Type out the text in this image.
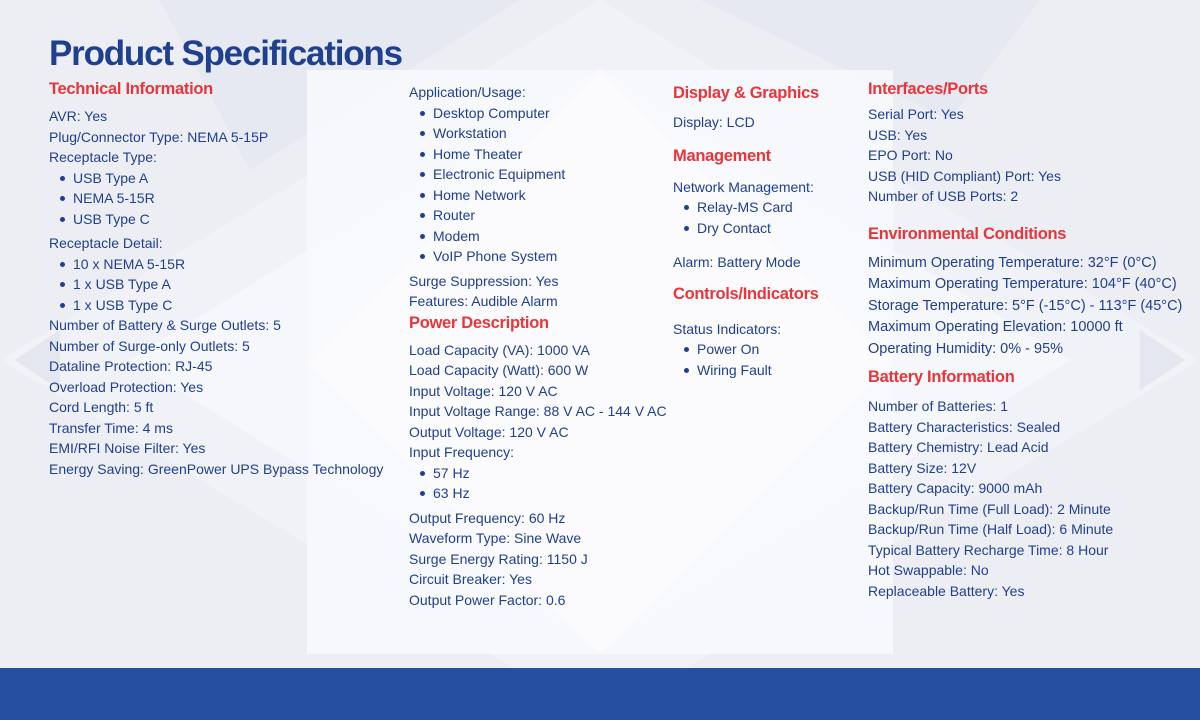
Product Specifications
Technical Information
AVR: Yes
Plug/Connector Type: NEMA 5-15P
Receptacle Type:
USB Type A
NEMA 5-15R
USB Type C
Receptacle Detail:
10 x NEMA 5-15R
1 x USB Type A
1 x USB Type C
Number of Battery & Surge Outlets: 5
Number of Surge-only Outlets: 5
Dataline Protection: RJ-45
Overload Protection: Yes
Cord Length: 5 ft
Transfer Time: 4 ms
EMI/RFI Noise Filter: Yes
Energy Saving: GreenPower UPS Bypass Technology
Application/Usage:
Desktop Computer
Workstation
Home Theater
Electronic Equipment
Home Network
Router
Modem
VoIP Phone System
Surge Suppression: Yes
Features: Audible Alarm
Power Description
Load Capacity (VA): 1000 VA
Load Capacity (Watt): 600 W
Input Voltage: 120 V AC
Input Voltage Range: 88 V AC - 144 V AC
Output Voltage: 120 V AC
Input Frequency:
57 Hz
63 Hz
Output Frequency: 60 Hz
Waveform Type: Sine Wave
Surge Energy Rating: 1150 J
Circuit Breaker: Yes
Output Power Factor: 0.6
Display & Graphics
Display: LCD
Management
Network Management:
Relay-MS Card
Dry Contact
Alarm: Battery Mode
Controls/Indicators
Status Indicators:
Power On
Wiring Fault
Interfaces/Ports
Serial Port: Yes
USB: Yes
EPO Port: No
USB (HID Compliant) Port: Yes
Number of USB Ports: 2
Environmental Conditions
Minimum Operating Temperature: 32°F (0°C)
Maximum Operating Temperature: 104°F (40°C)
Storage Temperature: 5°F (-15°C) - 113°F (45°C)
Maximum Operating Elevation: 10000 ft
Operating Humidity: 0% - 95%
Battery Information
Number of Batteries: 1
Battery Characteristics: Sealed
Battery Chemistry: Lead Acid
Battery Size: 12V
Battery Capacity: 9000 mAh
Backup/Run Time (Full Load): 2 Minute
Backup/Run Time (Half Load): 6 Minute
Typical Battery Recharge Time: 8 Hour
Hot Swappable: No
Replaceable Battery: Yes
